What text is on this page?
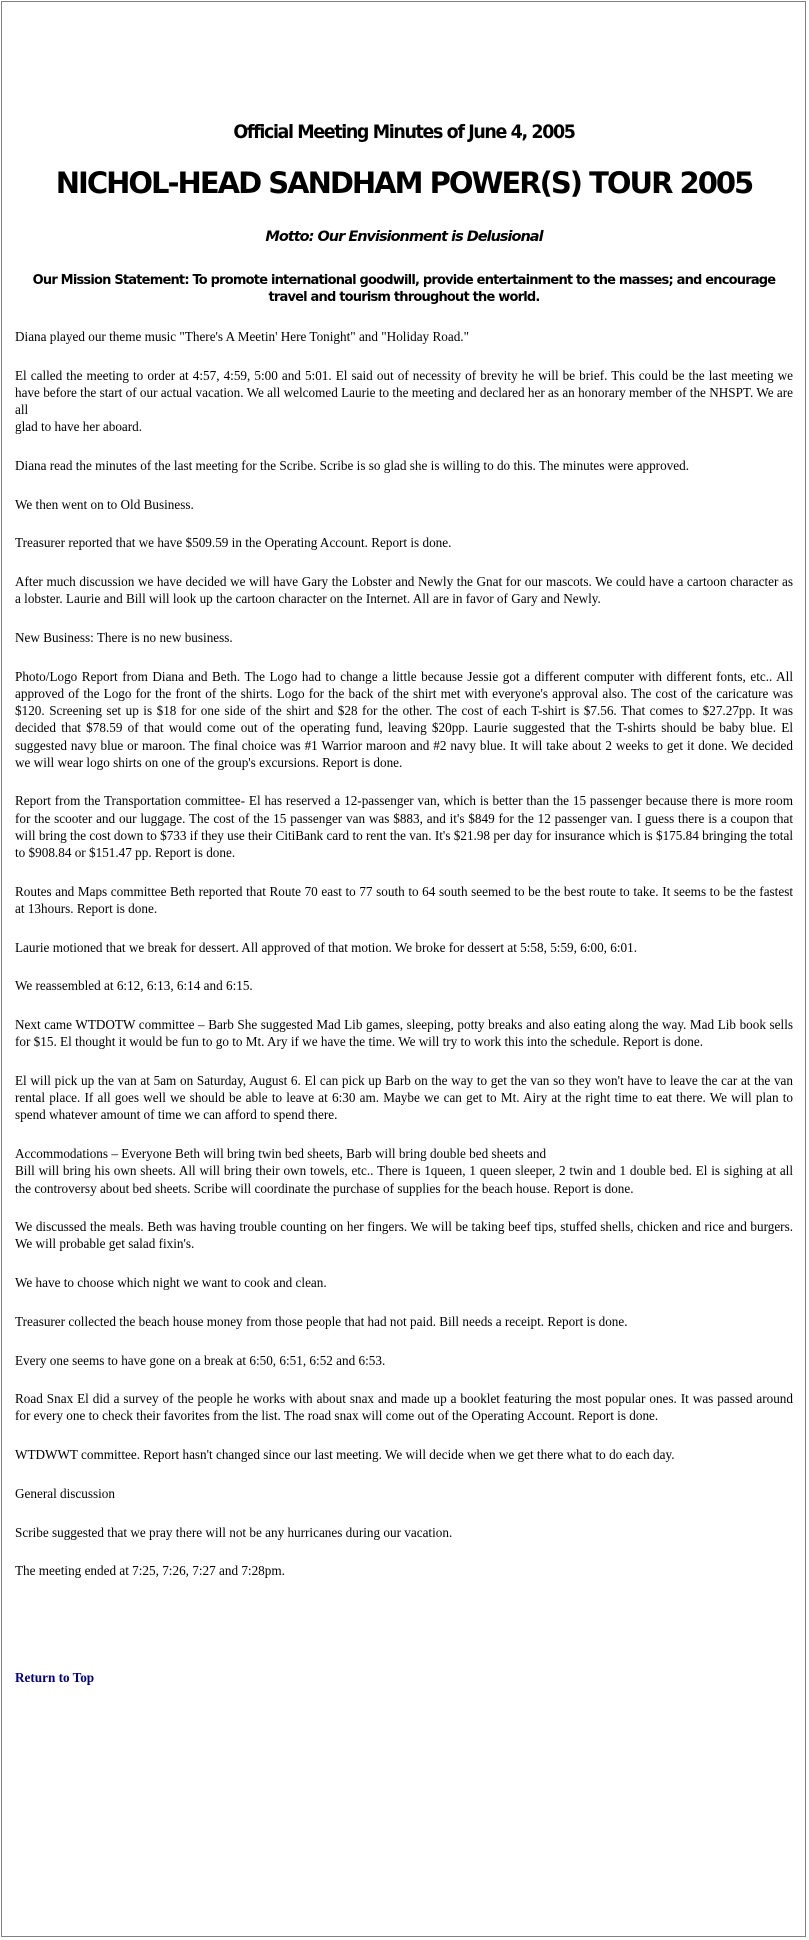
Official Meeting Minutes of June 4, 2005
NICHOL-HEAD SANDHAM POWER(S) TOUR 2005
Motto: Our Envisionment is Delusional
Our Mission Statement: To promote international goodwill, provide entertainment to the masses; and encourage travel and tourism throughout the world.
Diana played our theme music "There's A Meetin' Here Tonight" and "Holiday Road."
El called the meeting to order at 4:57, 4:59, 5:00 and 5:01. El said out of necessity of brevity he will be brief. This could be the last meeting we have before the start of our actual vacation. We all welcomed Laurie to the meeting and declared her as an honorary member of the NHSPT. We are all
glad to have her aboard.
Diana read the minutes of the last meeting for the Scribe. Scribe is so glad she is willing to do this. The minutes were approved.
We then went on to Old Business.
Treasurer reported that we have $509.59 in the Operating Account. Report is done.
After much discussion we have decided we will have Gary the Lobster and Newly the Gnat for our mascots. We could have a cartoon character as a lobster. Laurie and Bill will look up the cartoon character on the Internet. All are in favor of Gary and Newly.
New Business: There is no new business.
Photo/Logo Report from Diana and Beth. The Logo had to change a little because Jessie got a different computer with different fonts, etc.. All approved of the Logo for the front of the shirts. Logo for the back of the shirt met with everyone's approval also. The cost of the caricature was $120. Screening set up is $18 for one side of the shirt and $28 for the other. The cost of each T-shirt is $7.56. That comes to $27.27pp. It was decided that $78.59 of that would come out of the operating fund, leaving $20pp. Laurie suggested that the T-shirts should be baby blue. El suggested navy blue or maroon. The final choice was #1 Warrior maroon and #2 navy blue. It will take about 2 weeks to get it done. We decided we will wear logo shirts on one of the group's excursions. Report is done.
Report from the Transportation committee- El has reserved a 12-passenger van, which is better than the 15 passenger because there is more room for the scooter and our luggage. The cost of the 15 passenger van was $883, and it's $849 for the 12 passenger van. I guess there is a coupon that will bring the cost down to $733 if they use their CitiBank card to rent the van. It's $21.98 per day for insurance which is $175.84 bringing the total to $908.84 or $151.47 pp. Report is done.
Routes and Maps committee Beth reported that Route 70 east to 77 south to 64 south seemed to be the best route to take. It seems to be the fastest at 13hours. Report is done.
Laurie motioned that we break for dessert. All approved of that motion. We broke for dessert at 5:58, 5:59, 6:00, 6:01.
We reassembled at 6:12, 6:13, 6:14 and 6:15.
Next came WTDOTW committee – Barb She suggested Mad Lib games, sleeping, potty breaks and also eating along the way. Mad Lib book sells for $15. El thought it would be fun to go to Mt. Ary if we have the time. We will try to work this into the schedule. Report is done.
El will pick up the van at 5am on Saturday, August 6. El can pick up Barb on the way to get the van so they won't have to leave the car at the van rental place. If all goes well we should be able to leave at 6:30 am. Maybe we can get to Mt. Airy at the right time to eat there. We will plan to spend whatever amount of time we can afford to spend there.
Accommodations – Everyone Beth will bring twin bed sheets, Barb will bring double bed sheets and
Bill will bring his own sheets. All will bring their own towels, etc.. There is 1queen, 1 queen sleeper, 2 twin and 1 double bed. El is sighing at all the controversy about bed sheets. Scribe will coordinate the purchase of supplies for the beach house. Report is done.
We discussed the meals. Beth was having trouble counting on her fingers. We will be taking beef tips, stuffed shells, chicken and rice and burgers. We will probable get salad fixin's.
We have to choose which night we want to cook and clean.
Treasurer collected the beach house money from those people that had not paid. Bill needs a receipt. Report is done.
Every one seems to have gone on a break at 6:50, 6:51, 6:52 and 6:53.
Road Snax El did a survey of the people he works with about snax and made up a booklet featuring the most popular ones. It was passed around for every one to check their favorites from the list. The road snax will come out of the Operating Account. Report is done.
WTDWWT committee. Report hasn't changed since our last meeting. We will decide when we get there what to do each day.
General discussion
Scribe suggested that we pray there will not be any hurricanes during our vacation.
The meeting ended at 7:25, 7:26, 7:27 and 7:28pm.
Return to Top
